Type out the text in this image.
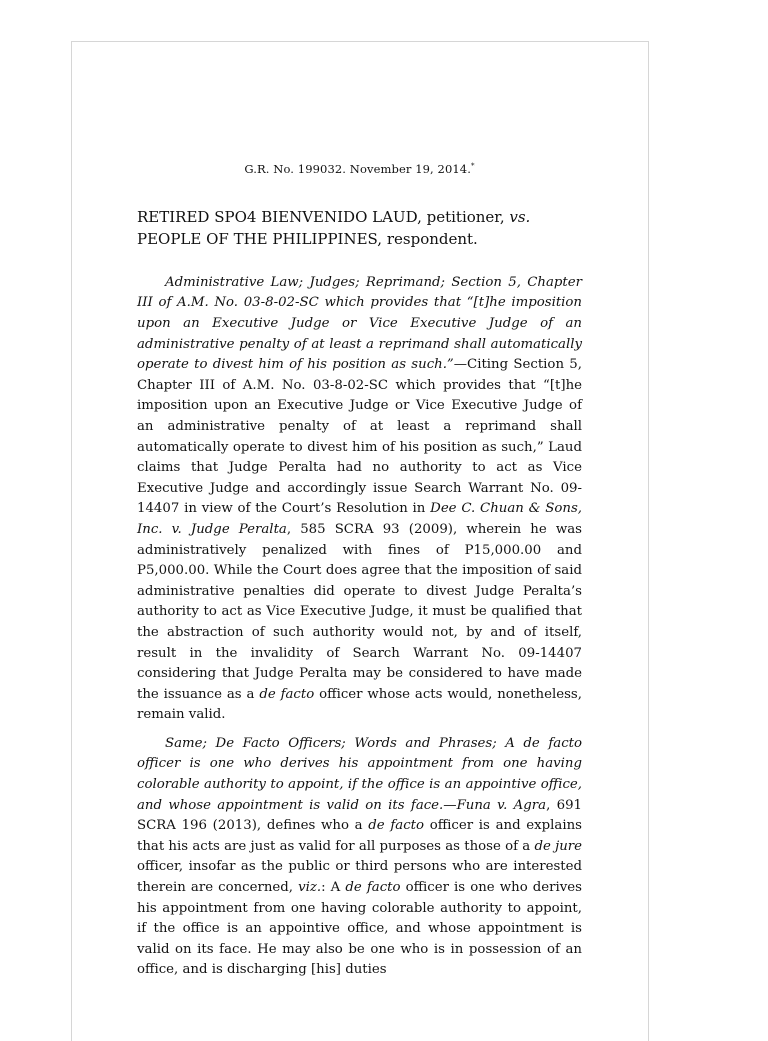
G.R. No. 199032. November 19, 2014.*

RETIRED SPO4 BIENVENIDO LAUD, petitioner, vs.
PEOPLE OF THE PHILIPPINES, respondent.

Administrative Law; Judges; Reprimand; Section 5, Chapter III of A.M. No. 03-8-02-SC which provides that “[t]he imposition upon an Executive Judge or Vice Executive Judge of an administrative penalty of at least a reprimand shall automatically operate to divest him of his position as such.”—Citing Section 5, Chapter III of A.M. No. 03-8-02-SC which provides that “[t]he imposition upon an Executive Judge or Vice Executive Judge of an administrative penalty of at least a reprimand shall automatically operate to divest him of his position as such,” Laud claims that Judge Peralta had no authority to act as Vice Executive Judge and accordingly issue Search Warrant No. 09-14407 in view of the Court’s Resolution in Dee C. Chuan & Sons, Inc. v. Judge Peralta, 585 SCRA 93 (2009), wherein he was administratively penalized with fines of P15,000.00 and P5,000.00. While the Court does agree that the imposition of said administrative penalties did operate to divest Judge Peralta’s authority to act as Vice Executive Judge, it must be qualified that the abstraction of such authority would not, by and of itself, result in the invalidity of Search Warrant No. 09-14407 considering that Judge Peralta may be considered to have made the issuance as a de facto officer whose acts would, nonetheless, remain valid.

Same; De Facto Officers; Words and Phrases; A de facto officer is one who derives his appointment from one having colorable authority to appoint, if the office is an appointive office, and whose appointment is valid on its face.—Funa v. Agra, 691 SCRA 196 (2013), defines who a de facto officer is and explains that his acts are just as valid for all purposes as those of a de jure officer, insofar as the public or third persons who are interested therein are concerned, viz.: A de facto officer is one who derives his appointment from one having colorable authority to appoint, if the office is an appointive office, and whose appointment is valid on its face. He may also be one who is in possession of an office, and is discharging [his] duties
